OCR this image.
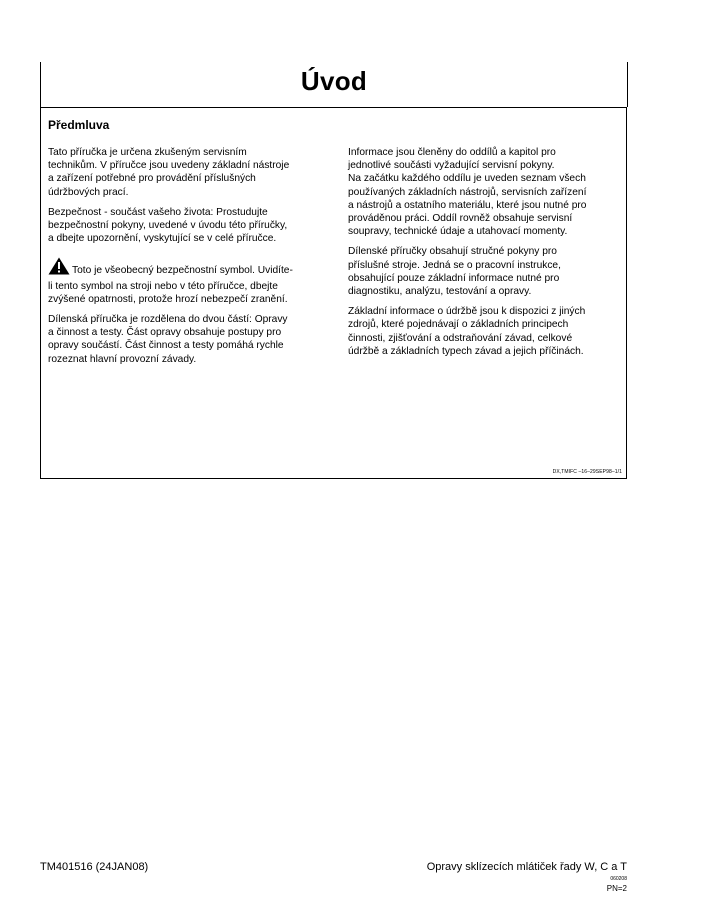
Úvod
Předmluva

Tato příručka je určena zkušeným servisním
technikům. V příručce jsou uvedeny základní nástroje
a zařízení potřebné pro provádění příslušných
údržbových prací.

Bezpečnost - součást vašeho života: Prostudujte
bezpečnostní pokyny, uvedené v úvodu této příručky,
a dbejte upozornění, vyskytující se v celé příručce.

Toto je všeobecný bezpečnostní symbol. Uvidíte-
li tento symbol na stroji nebo v této příručce, dbejte
zvýšené opatrnosti, protože hrozí nebezpečí zranění.

Dílenská příručka je rozdělena do dvou částí: Opravy
a činnost a testy. Část opravy obsahuje postupy pro
opravy součástí. Část činnost a testy pomáhá rychle
rozeznat hlavní provozní závady.

Informace jsou členěny do oddílů a kapitol pro
jednotlivé součásti vyžadující servisní pokyny.
Na začátku každého oddílu je uveden seznam všech
používaných základních nástrojů, servisních zařízení
a nástrojů a ostatního materiálu, které jsou nutné pro
prováděnou práci. Oddíl rovněž obsahuje servisní
soupravy, technické údaje a utahovací momenty.

Dílenské příručky obsahují stručné pokyny pro
příslušné stroje. Jedná se o pracovní instrukce,
obsahující pouze základní informace nutné pro
diagnostiku, analýzu, testování a opravy.

Základní informace o údržbě jsou k dispozici z jiných
zdrojů, které pojednávají o základních principech
činnosti, zjišťování a odstraňování závad, celkové
údržbě a základních typech závad a jejich příčinách.

DX,TMIFC –16–29SEP98–1/1
TM401516 (24JAN08)	Opravy sklízecích mlátiček řady W, C a T
060208
PN=2
